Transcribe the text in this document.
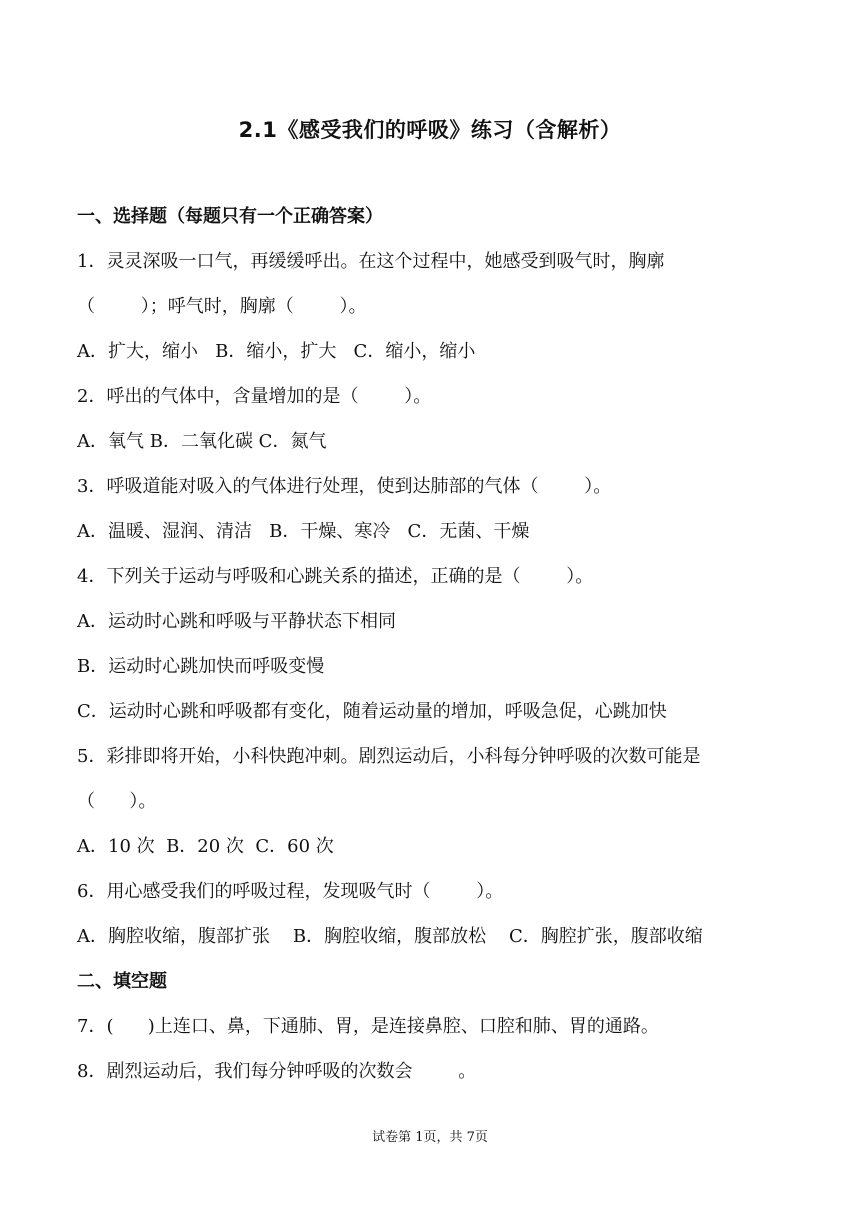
2.1《感受我们的呼吸》练习（含解析）
一、选择题（每题只有一个正确答案）
1．灵灵深吸一口气，再缓缓呼出。在这个过程中，她感受到吸气时，胸廓
（        ）；呼气时，胸廓（        ）。
A．扩大，缩小   B．缩小，扩大   C．缩小，缩小
2．呼出的气体中，含量增加的是（        ）。
A．氧气 B．二氧化碳 C．氮气
3．呼吸道能对吸入的气体进行处理，使到达肺部的气体（        ）。
A．温暖、湿润、清洁   B．干燥、寒冷   C．无菌、干燥
4．下列关于运动与呼吸和心跳关系的描述，正确的是（        ）。
A．运动时心跳和呼吸与平静状态下相同
B．运动时心跳加快而呼吸变慢
C．运动时心跳和呼吸都有变化，随着运动量的增加，呼吸急促，心跳加快
5．彩排即将开始，小科快跑冲刺。剧烈运动后，小科每分钟呼吸的次数可能是
（      ）。
A．10 次  B．20 次  C．60 次
6．用心感受我们的呼吸过程，发现吸气时（        ）。
A．胸腔收缩，腹部扩张    B．胸腔收缩，腹部放松    C．胸腔扩张，腹部收缩
二、填空题
7．(      )上连口、鼻，下通肺、胃，是连接鼻腔、口腔和肺、胃的通路。
8．剧烈运动后，我们每分钟呼吸的次数会        。
试卷第 1页，共 7页
